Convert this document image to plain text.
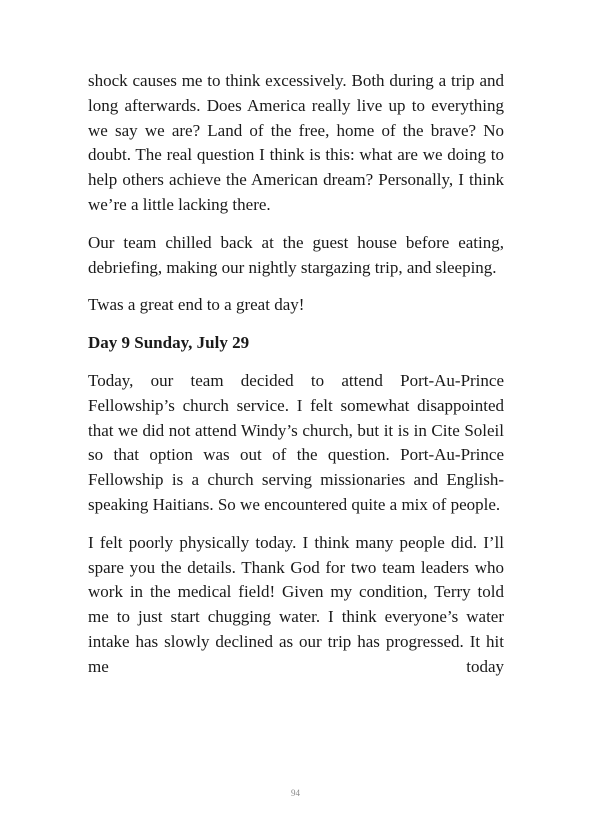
shock causes me to think excessively. Both during a trip and long afterwards. Does America really live up to everything we say we are? Land of the free, home of the brave? No doubt. The real question I think is this: what are we doing to help others achieve the American dream? Personally, I think we’re a little lacking there.

Our team chilled back at the guest house before eating, debriefing, making our nightly stargazing trip, and sleeping.

Twas a great end to a great day!

Day 9 Sunday, July 29

Today, our team decided to attend Port-Au-Prince Fellowship’s church service. I felt somewhat disappointed that we did not attend Windy’s church, but it is in Cite Soleil so that option was out of the question. Port-Au-Prince Fellowship is a church serving missionaries and English-speaking Haitians. So we encountered quite a mix of people.

I felt poorly physically today. I think many people did. I’ll spare you the details. Thank God for two team leaders who work in the medical field! Given my condition, Terry told me to just start chugging water. I think everyone’s water intake has slowly declined as our trip has progressed. It hit me today

94
